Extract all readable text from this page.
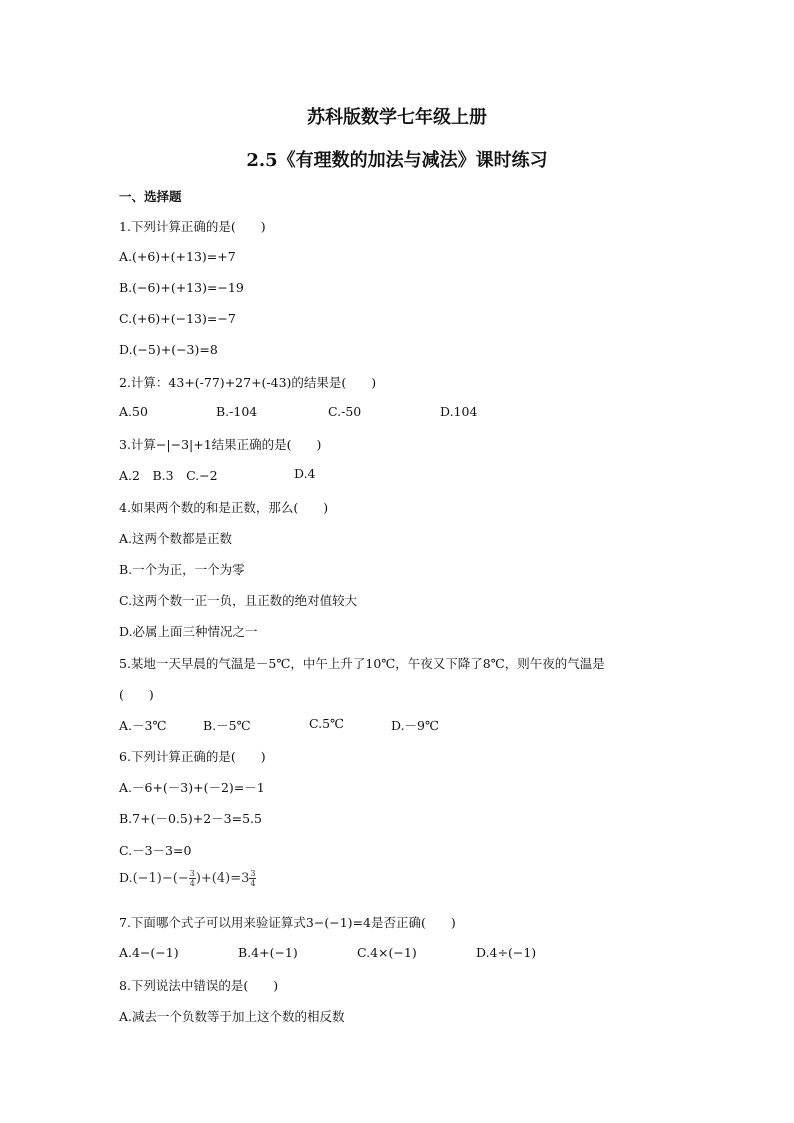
苏科版数学七年级上册
2.5《有理数的加法与减法》课时练习
一、选择题
1.下列计算正确的是(　　)
A.(+6)+(+13)=+7
B.(−6)+(+13)=−19
C.(+6)+(−13)=−7
D.(−5)+(−3)=8
2.计算：43+(-77)+27+(-43)的结果是(　　)
A.50	B.-104	C.-50	D.104
3.计算−|−3|+1结果正确的是(　　)
A.2　B.3　C.−2	D.4
4.如果两个数的和是正数，那么(　　)
A.这两个数都是正数
B.一个为正，一个为零
C.这两个数一正一负，且正数的绝对值较大
D.必属上面三种情况之一
5.某地一天早晨的气温是－5℃，中午上升了10℃，午夜又下降了8℃，则午夜的气温是
(　　)
A.－3℃	B.－5℃	C.5℃	D.－9℃
6.下列计算正确的是(　　)
A.－6+(－3)+(－2)=－1
B.7+(－0.5)+2－3=5.5
C.－3－3=0
$D.(-1)-(- \frac{3}{4} )+(4)=3 \frac{3}{4}$
7.下面哪个式子可以用来验证算式3−(−1)=4是否正确(　　)
A.4−(−1)	B.4+(−1)	C.4×(−1)	D.4÷(−1)
8.下列说法中错误的是(　　)
A.减去一个负数等于加上这个数的相反数
